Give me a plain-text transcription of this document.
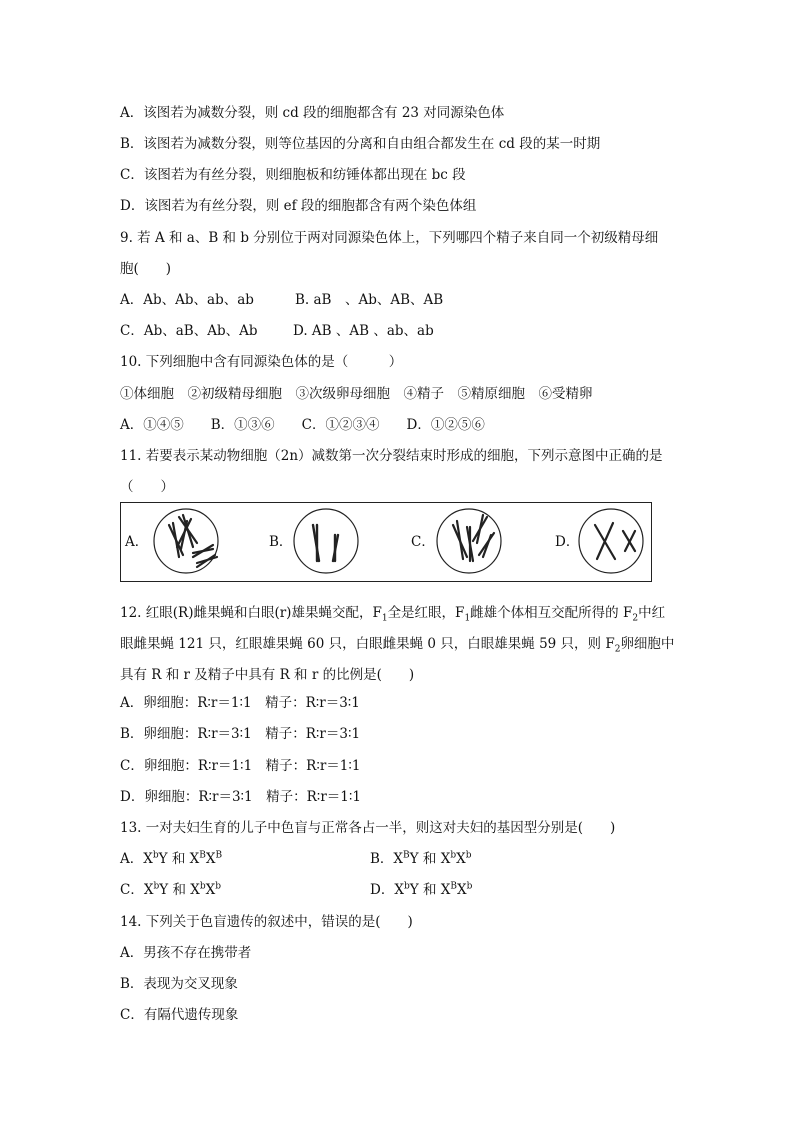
A．该图若为减数分裂，则 cd 段的细胞都含有 23 对同源染色体
B．该图若为减数分裂，则等位基因的分离和自由组合都发生在 cd 段的某一时期
C．该图若为有丝分裂，则细胞板和纺锤体都出现在 bc 段
D．该图若为有丝分裂，则 ef 段的细胞都含有两个染色体组
9. 若 A 和 a、B 和 b 分别位于两对同源染色体上，下列哪四个精子来自同一个初级精母细
胞(　　)
A．Ab、Ab、ab、ab	B. aB　、Ab、AB、AB
C．Ab、aB、Ab、Ab	D. AB 、AB 、ab、ab
10. 下列细胞中含有同源染色体的是（　　　）
①体细胞　②初级精母细胞　③次级卵母细胞　④精子　⑤精原细胞　⑥受精卵
A．①④⑤　　B．①③⑥　　C．①②③④　　D．①②⑤⑥
11. 若要表示某动物细胞（2n）减数第一次分裂结束时形成的细胞，下列示意图中正确的是
（　　）
A．	B．	C．	D．
12. 红眼(R)雌果蝇和白眼(r)雄果蝇交配，$F_1$全是红眼，$F_1$雌雄个体相互交配所得的 $F_2$中红
眼雌果蝇 121 只，红眼雄果蝇 60 只，白眼雌果蝇 0 只，白眼雄果蝇 59 只，则 $F_2$卵细胞中
具有 R 和 r 及精子中具有 R 和 r 的比例是(　　)
A．卵细胞：R∶r＝1∶1　精子：R∶r＝3∶1
B．卵细胞：R∶r＝3∶1　精子：R∶r＝3∶1
C．卵细胞：R∶r＝1∶1　精子：R∶r＝1∶1
D．卵细胞：R∶r＝3∶1　精子：R∶r＝1∶1
13. 一对夫妇生育的儿子中色盲与正常各占一半，则这对夫妇的基因型分别是(　　)
A．$X^bY$ 和 $X^BX^B$	B．$X^BY$ 和 $X^bX^b$
C．$X^bY$ 和 $X^bX^b$	D．$X^bY$ 和 $X^BX^b$
14. 下列关于色盲遗传的叙述中，错误的是(　　)
A．男孩不存在携带者
B．表现为交叉现象
C．有隔代遗传现象
